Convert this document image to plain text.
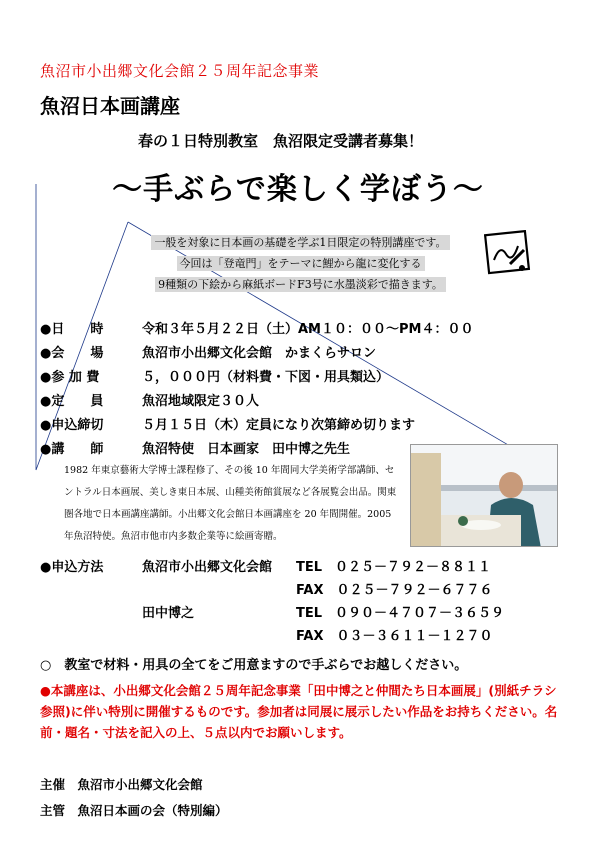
魚沼市小出郷文化会館２５周年記念事業
魚沼日本画講座
春の１日特別教室　魚沼限定受講者募集！
～手ぶらで楽しく学ぼう～
一般を対象に日本画の基礎を学ぶ1日限定の特別講座です。
今回は「登竜門」をテーマに鯉から龍に変化する
9種類の下絵から麻紙ボードF3号に水墨淡彩で描きます。
●日　　時	令和３年５月２２日（土）AM１０：００～PM４：００
●会　　場	魚沼市小出郷文化会館　かまくらサロン
●参 加 費	５，０００円（材料費・下図・用具類込）
●定　　員	魚沼地域限定３０人
●申込締切	５月１５日（木）定員になり次第締め切ります
●講　　師	魚沼特使　日本画家　田中博之先生
1982 年東京藝術大学博士課程修了、その後 10 年間同大学美術学部講師、セントラル日本画展、美しき東日本展、山種美術館賞展など各展覧会出品。関東圏各地で日本画講座講師。小出郷文化会館日本画講座を 20 年間開催。2005 年魚沼特使。魚沼市他市内多数企業等に絵画寄贈。
●申込方法	魚沼市小出郷文化会館 TEL　０２５－７９２－８８１１
FAX　０２５－７９２－６７７６
田中博之	TEL　０９０－４７０７－３６５９
FAX　０３－３６１１－１２７０
○　教室で材料・用具の全てをご用意ますので手ぶらでお越しください。
●本講座は、小出郷文化会館２５周年記念事業「田中博之と仲間たち日本画展」(別紙チラシ参照)に伴い特別に開催するものです。参加者は同展に展示したい作品をお持ちください。名前・題名・寸法を記入の上、５点以内でお願いします。
主催　魚沼市小出郷文化会館
主管　魚沼日本画の会（特別編）
